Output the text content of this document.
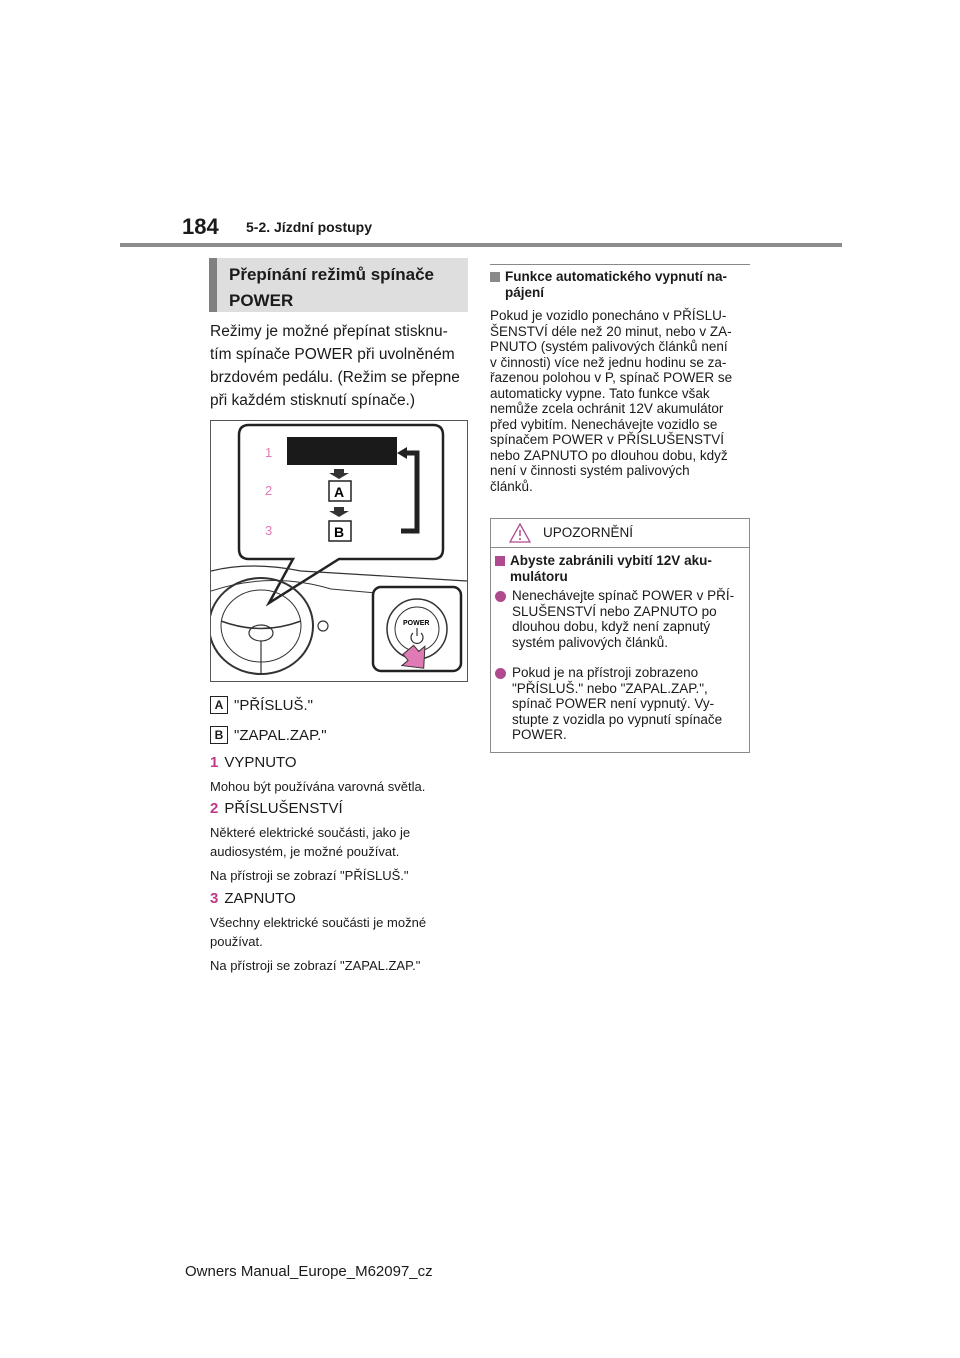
184 5-2. Jízdní postupy
Přepínání režimů spínače
POWER
Režimy je možné přepínat stisknu-
tím spínače POWER při uvolněném
brzdovém pedálu. (Režim se přepne
při každém stisknutí spínače.)
1
2
3
A
B
POWER
A "PŘÍSLUŠ."
B "ZAPAL.ZAP."
1 VYPNUTO
Mohou být používána varovná světla.
2 PŘÍSLUŠENSTVÍ
Některé elektrické součásti, jako je
audiosystém, je možné používat.
Na přístroji se zobrazí "PŘÍSLUŠ."
3 ZAPNUTO
Všechny elektrické součásti je možné
používat.
Na přístroji se zobrazí "ZAPAL.ZAP."
Funkce automatického vypnutí na-
pájení
Pokud je vozidlo ponecháno v PŘÍSLU-
ŠENSTVÍ déle než 20 minut, nebo v ZA-
PNUTO (systém palivových článků není
v činnosti) více než jednu hodinu se za-
řazenou polohou v P, spínač POWER se
automaticky vypne. Tato funkce však
nemůže zcela ochránit 12V akumulátor
před vybitím. Nenechávejte vozidlo se
spínačem POWER v PŘÍSLUŠENSTVÍ
nebo ZAPNUTO po dlouhou dobu, když
není v činnosti systém palivových
článků.
UPOZORNĚNÍ
Abyste zabránili vybití 12V aku-
mulátoru
Nenechávejte spínač POWER v PŘÍ-
SLUŠENSTVÍ nebo ZAPNUTO po
dlouhou dobu, když není zapnutý
systém palivových článků.
Pokud je na přístroji zobrazeno
"PŘÍSLUŠ." nebo "ZAPAL.ZAP.",
spínač POWER není vypnutý. Vy-
stupte z vozidla po vypnutí spínače
POWER.
Owners Manual_Europe_M62097_cz
